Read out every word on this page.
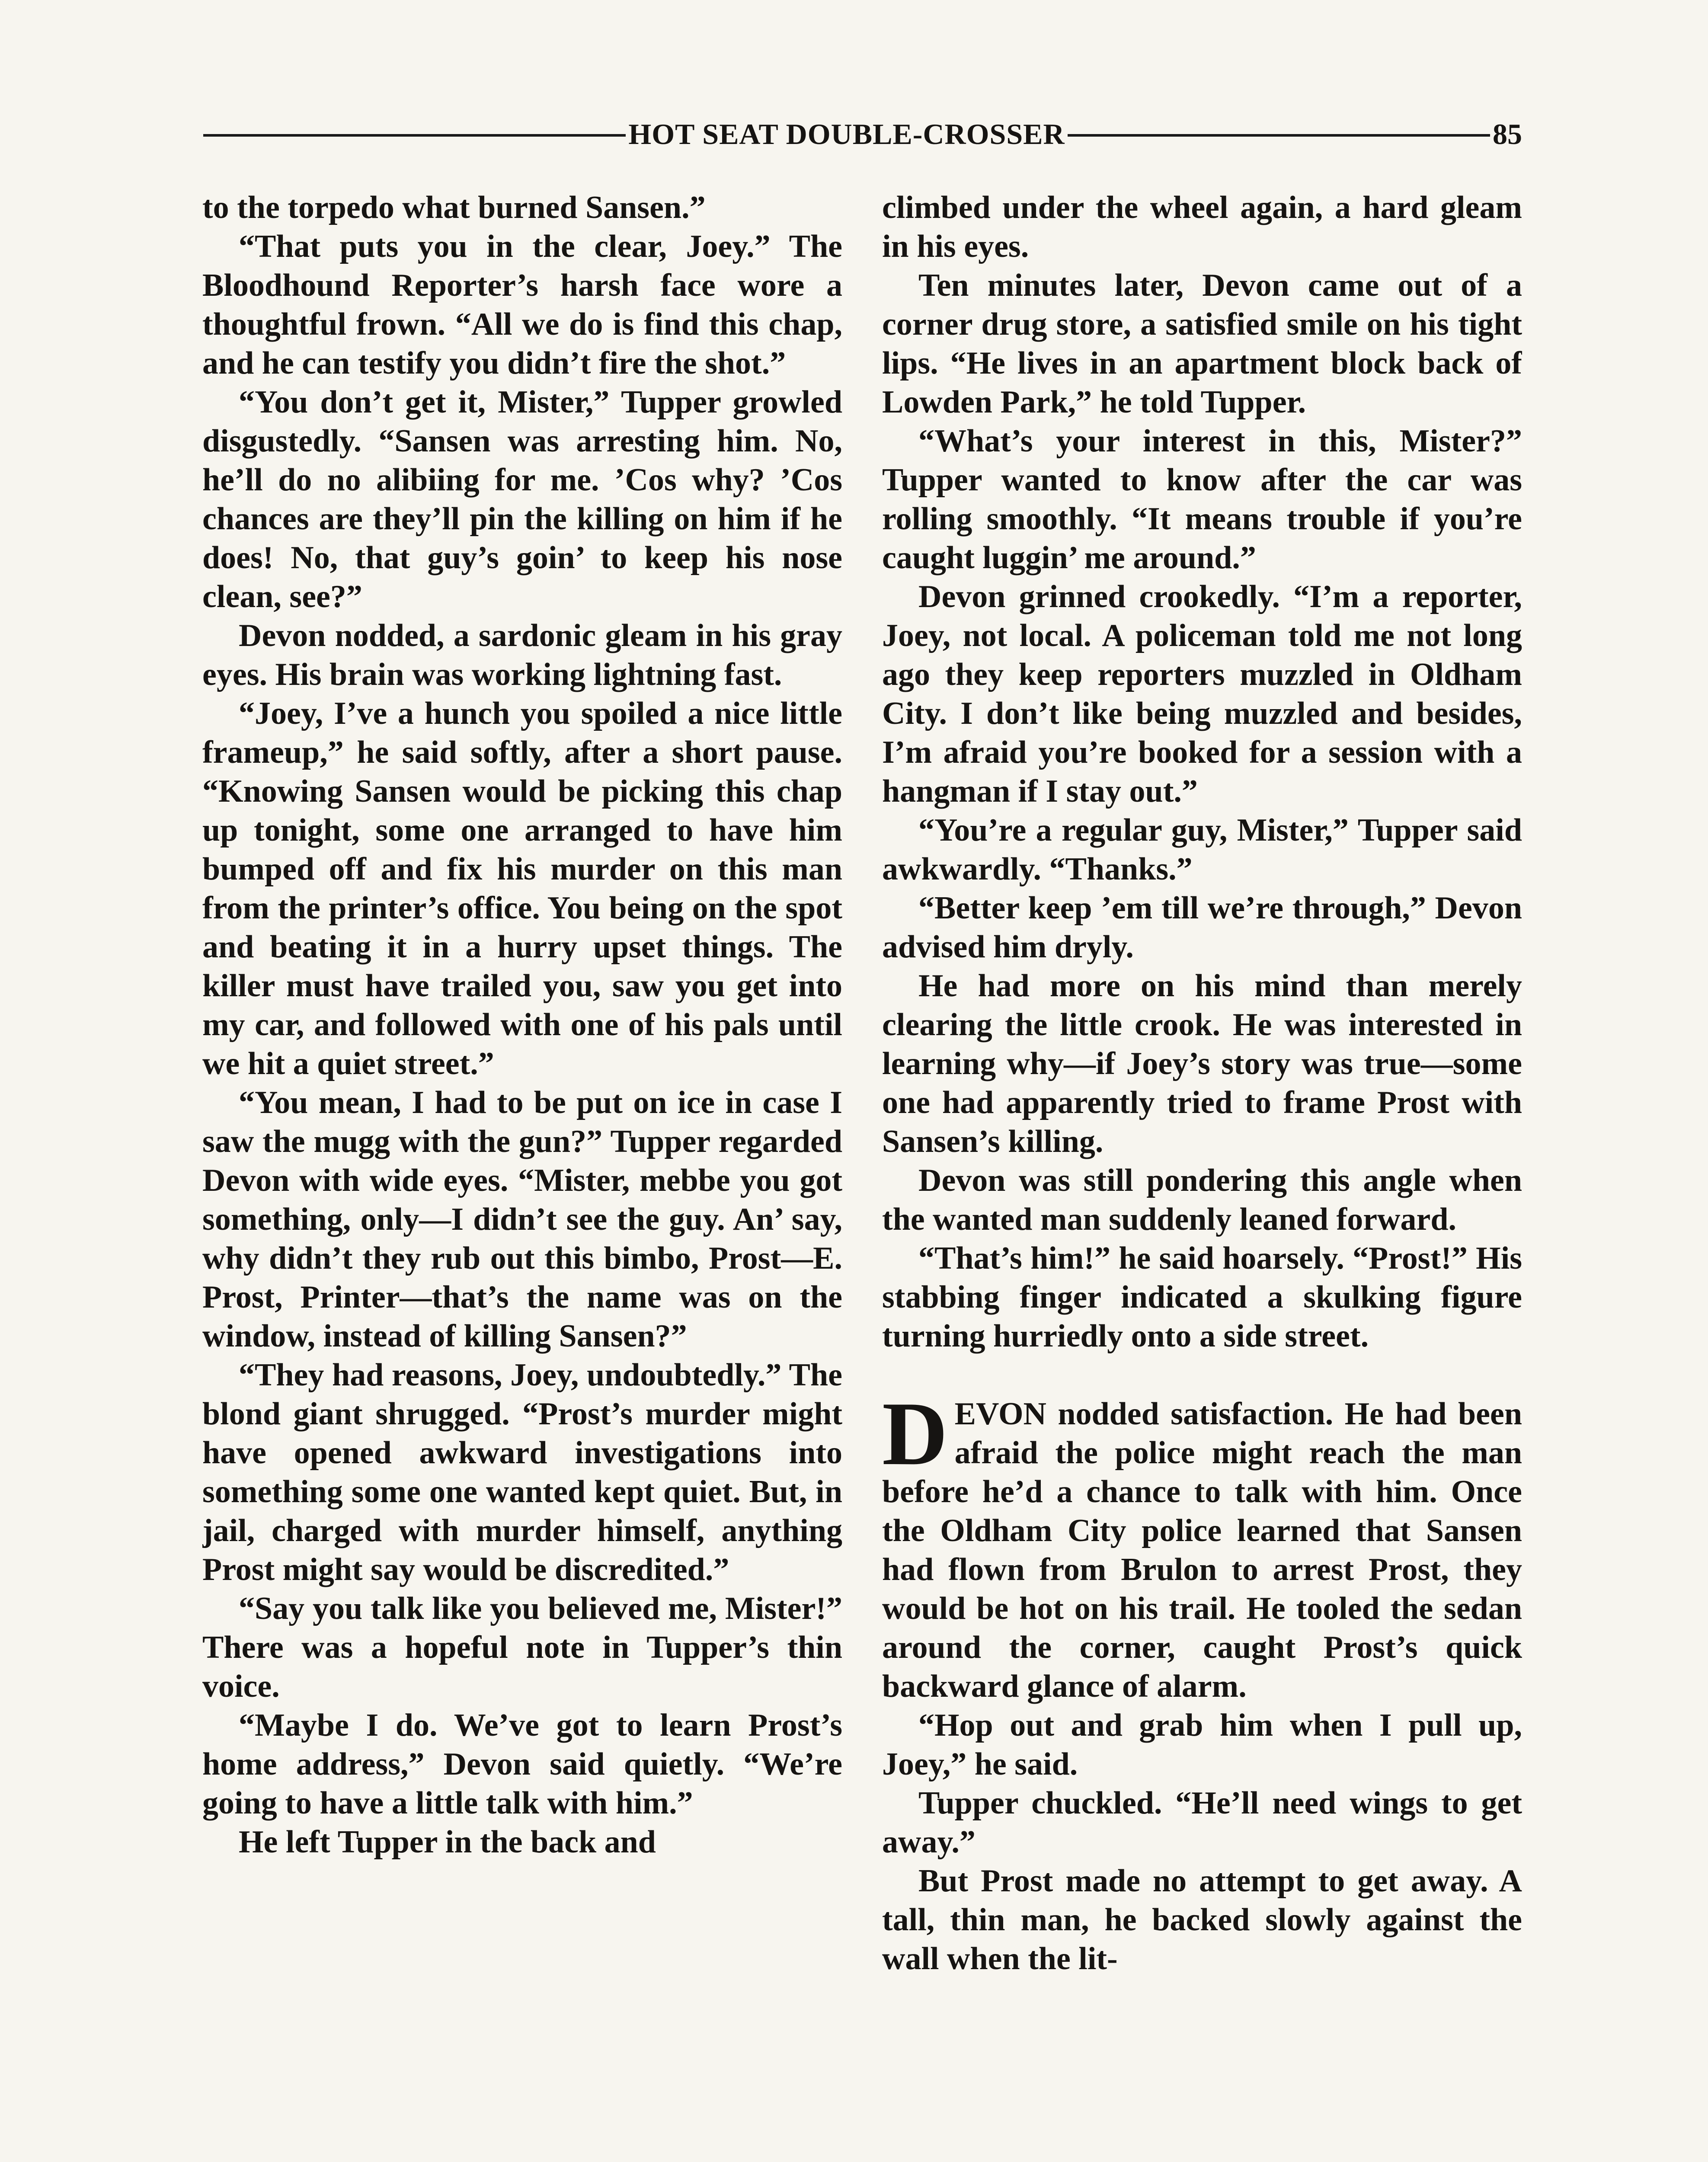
HOT SEAT DOUBLE-CROSSER	85

to the torpedo what burned Sansen.”

“That puts you in the clear, Joey.” The Bloodhound Reporter’s harsh face wore a thoughtful frown. “All we do is find this chap, and he can testify you didn’t fire the shot.”

“You don’t get it, Mister,” Tupper growled disgustedly. “Sansen was arresting him. No, he’ll do no alibiing for me. ’Cos why? ’Cos chances are they’ll pin the killing on him if he does! No, that guy’s goin’ to keep his nose clean, see?”

Devon nodded, a sardonic gleam in his gray eyes. His brain was working lightning fast.

“Joey, I’ve a hunch you spoiled a nice little frameup,” he said softly, after a short pause. “Knowing Sansen would be picking this chap up tonight, some one arranged to have him bumped off and fix his murder on this man from the printer’s office. You being on the spot and beating it in a hurry upset things. The killer must have trailed you, saw you get into my car, and followed with one of his pals until we hit a quiet street.”

“You mean, I had to be put on ice in case I saw the mugg with the gun?” Tupper regarded Devon with wide eyes. “Mister, mebbe you got something, only—I didn’t see the guy. An’ say, why didn’t they rub out this bimbo, Prost—E. Prost, Printer—that’s the name was on the window, instead of killing Sansen?”

“They had reasons, Joey, undoubtedly.” The blond giant shrugged. “Prost’s murder might have opened awkward investigations into something some one wanted kept quiet. But, in jail, charged with murder himself, anything Prost might say would be discredited.”

“Say you talk like you believed me, Mister!” There was a hopeful note in Tupper’s thin voice.

“Maybe I do. We’ve got to learn Prost’s home address,” Devon said quietly. “We’re going to have a little talk with him.”

He left Tupper in the back and

climbed under the wheel again, a hard gleam in his eyes.

Ten minutes later, Devon came out of a corner drug store, a satisfied smile on his tight lips. “He lives in an apartment block back of Lowden Park,” he told Tupper.

“What’s your interest in this, Mister?” Tupper wanted to know after the car was rolling smoothly. “It means trouble if you’re caught luggin’ me around.”

Devon grinned crookedly. “I’m a reporter, Joey, not local. A policeman told me not long ago they keep reporters muzzled in Oldham City. I don’t like being muzzled and besides, I’m afraid you’re booked for a session with a hangman if I stay out.”

“You’re a regular guy, Mister,” Tupper said awkwardly. “Thanks.”

“Better keep ’em till we’re through,” Devon advised him dryly.

He had more on his mind than merely clearing the little crook. He was interested in learning why—if Joey’s story was true—some one had apparently tried to frame Prost with Sansen’s killing.

Devon was still pondering this angle when the wanted man suddenly leaned forward.

“That’s him!” he said hoarsely. “Prost!” His stabbing finger indicated a skulking figure turning hurriedly onto a side street.

DEVON nodded satisfaction. He had been afraid the police might reach the man before he’d a chance to talk with him. Once the Oldham City police learned that Sansen had flown from Brulon to arrest Prost, they would be hot on his trail. He tooled the sedan around the corner, caught Prost’s quick backward glance of alarm.

“Hop out and grab him when I pull up, Joey,” he said.

Tupper chuckled. “He’ll need wings to get away.”

But Prost made no attempt to get away. A tall, thin man, he backed slowly against the wall when the lit-
